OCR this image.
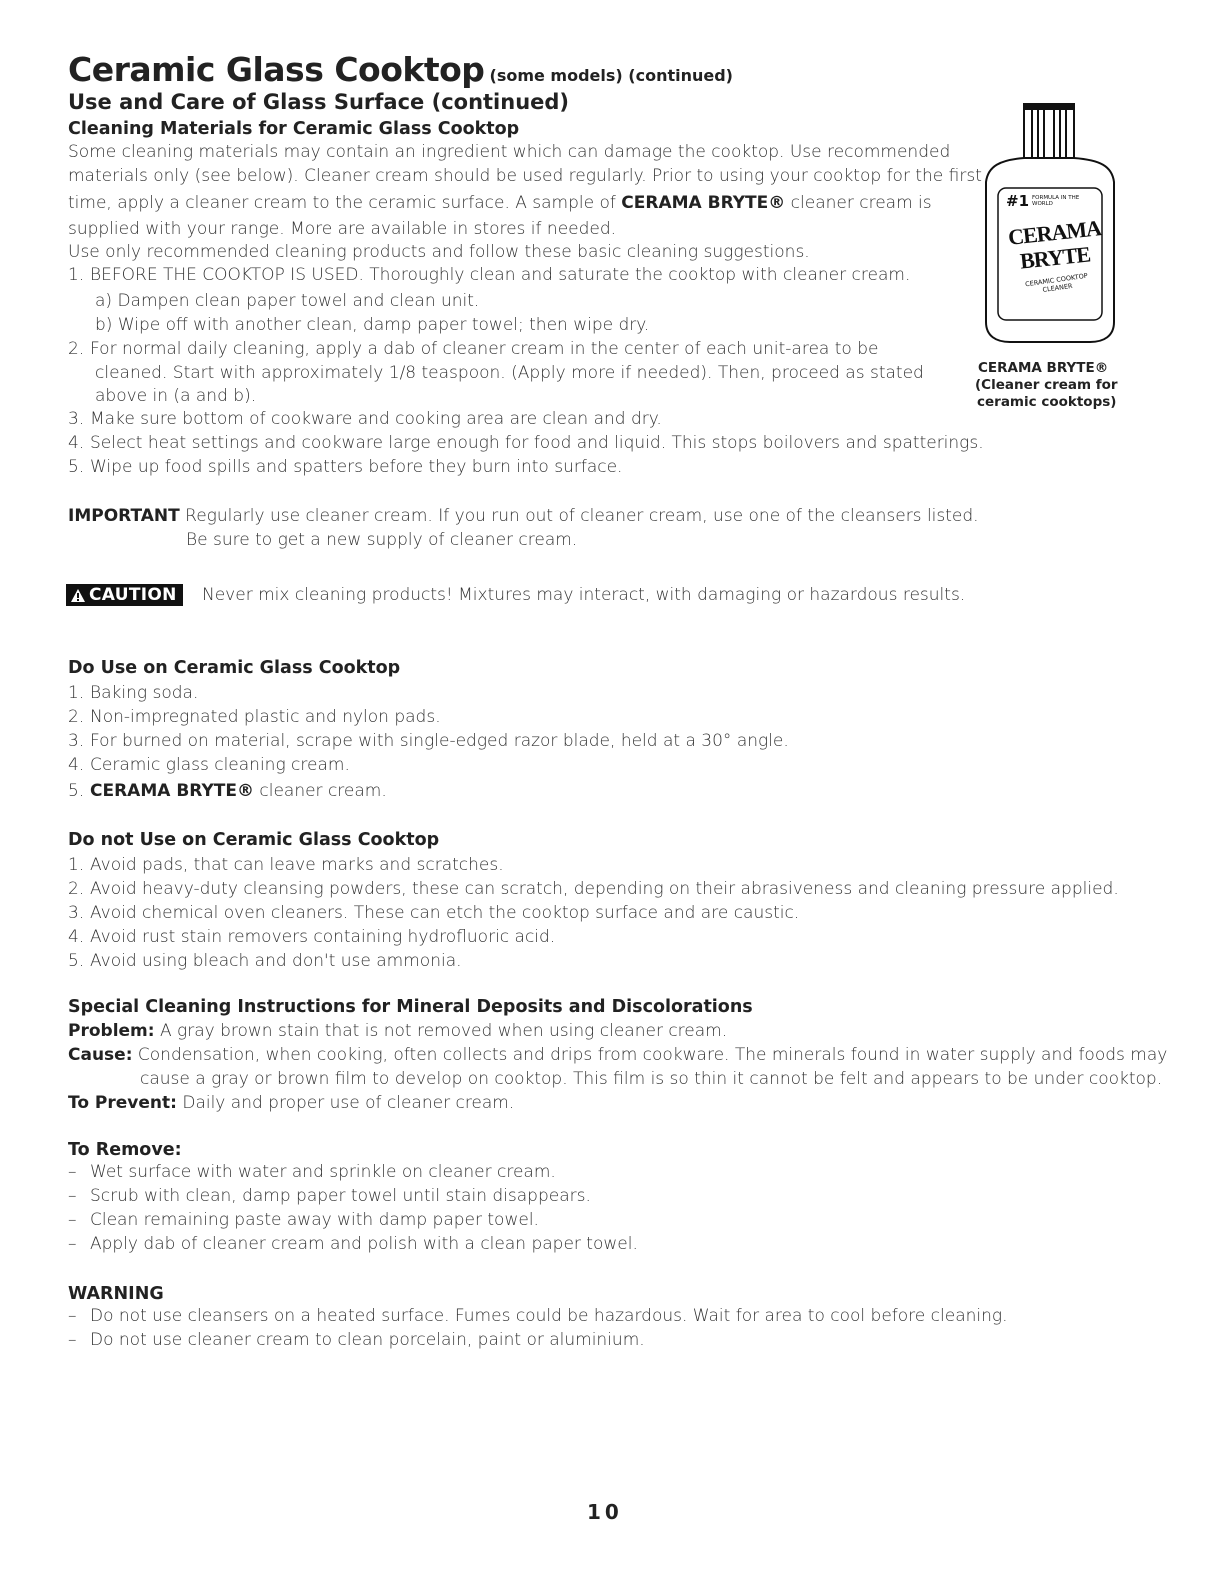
Ceramic Glass Cooktop (some models) (continued)
Use and Care of Glass Surface (continued)
Cleaning Materials for Ceramic Glass Cooktop
Some cleaning materials may contain an ingredient which can damage the cooktop. Use recommended
materials only (see below). Cleaner cream should be used regularly. Prior to using your cooktop for the first
time, apply a cleaner cream to the ceramic surface. A sample of CERAMA BRYTE® cleaner cream is
supplied with your range. More are available in stores if needed.
Use only recommended cleaning products and follow these basic cleaning suggestions.
1. BEFORE THE COOKTOP IS USED. Thoroughly clean and saturate the cooktop with cleaner cream.
a) Dampen clean paper towel and clean unit.
b) Wipe off with another clean, damp paper towel; then wipe dry.
2. For normal daily cleaning, apply a dab of cleaner cream in the center of each unit-area to be
cleaned. Start with approximately 1/8 teaspoon. (Apply more if needed). Then, proceed as stated
above in (a and b).
3. Make sure bottom of cookware and cooking area are clean and dry.
4. Select heat settings and cookware large enough for food and liquid. This stops boilovers and spatterings.
5. Wipe up food spills and spatters before they burn into surface.
#1 FORMULA IN THE WORLD
CERAMA
BRYTE
CERAMIC COOKTOP CLEANER
CERAMA BRYTE®
(Cleaner cream for
ceramic cooktops)
IMPORTANT Regularly use cleaner cream. If you run out of cleaner cream, use one of the cleansers listed.
Be sure to get a new supply of cleaner cream.
CAUTION Never mix cleaning products! Mixtures may interact, with damaging or hazardous results.
Do Use on Ceramic Glass Cooktop
1. Baking soda.
2. Non-impregnated plastic and nylon pads.
3. For burned on material, scrape with single-edged razor blade, held at a 30° angle.
4. Ceramic glass cleaning cream.
5. CERAMA BRYTE® cleaner cream.
Do not Use on Ceramic Glass Cooktop
1. Avoid pads, that can leave marks and scratches.
2. Avoid heavy-duty cleansing powders, these can scratch, depending on their abrasiveness and cleaning pressure applied.
3. Avoid chemical oven cleaners. These can etch the cooktop surface and are caustic.
4. Avoid rust stain removers containing hydrofluoric acid.
5. Avoid using bleach and don't use ammonia.
Special Cleaning Instructions for Mineral Deposits and Discolorations
Problem: A gray brown stain that is not removed when using cleaner cream.
Cause: Condensation, when cooking, often collects and drips from cookware. The minerals found in water supply and foods may
cause a gray or brown film to develop on cooktop. This film is so thin it cannot be felt and appears to be under cooktop.
To Prevent: Daily and proper use of cleaner cream.
To Remove:
– Wet surface with water and sprinkle on cleaner cream.
– Scrub with clean, damp paper towel until stain disappears.
– Clean remaining paste away with damp paper towel.
– Apply dab of cleaner cream and polish with a clean paper towel.
WARNING
– Do not use cleansers on a heated surface. Fumes could be hazardous. Wait for area to cool before cleaning.
– Do not use cleaner cream to clean porcelain, paint or aluminium.
10
